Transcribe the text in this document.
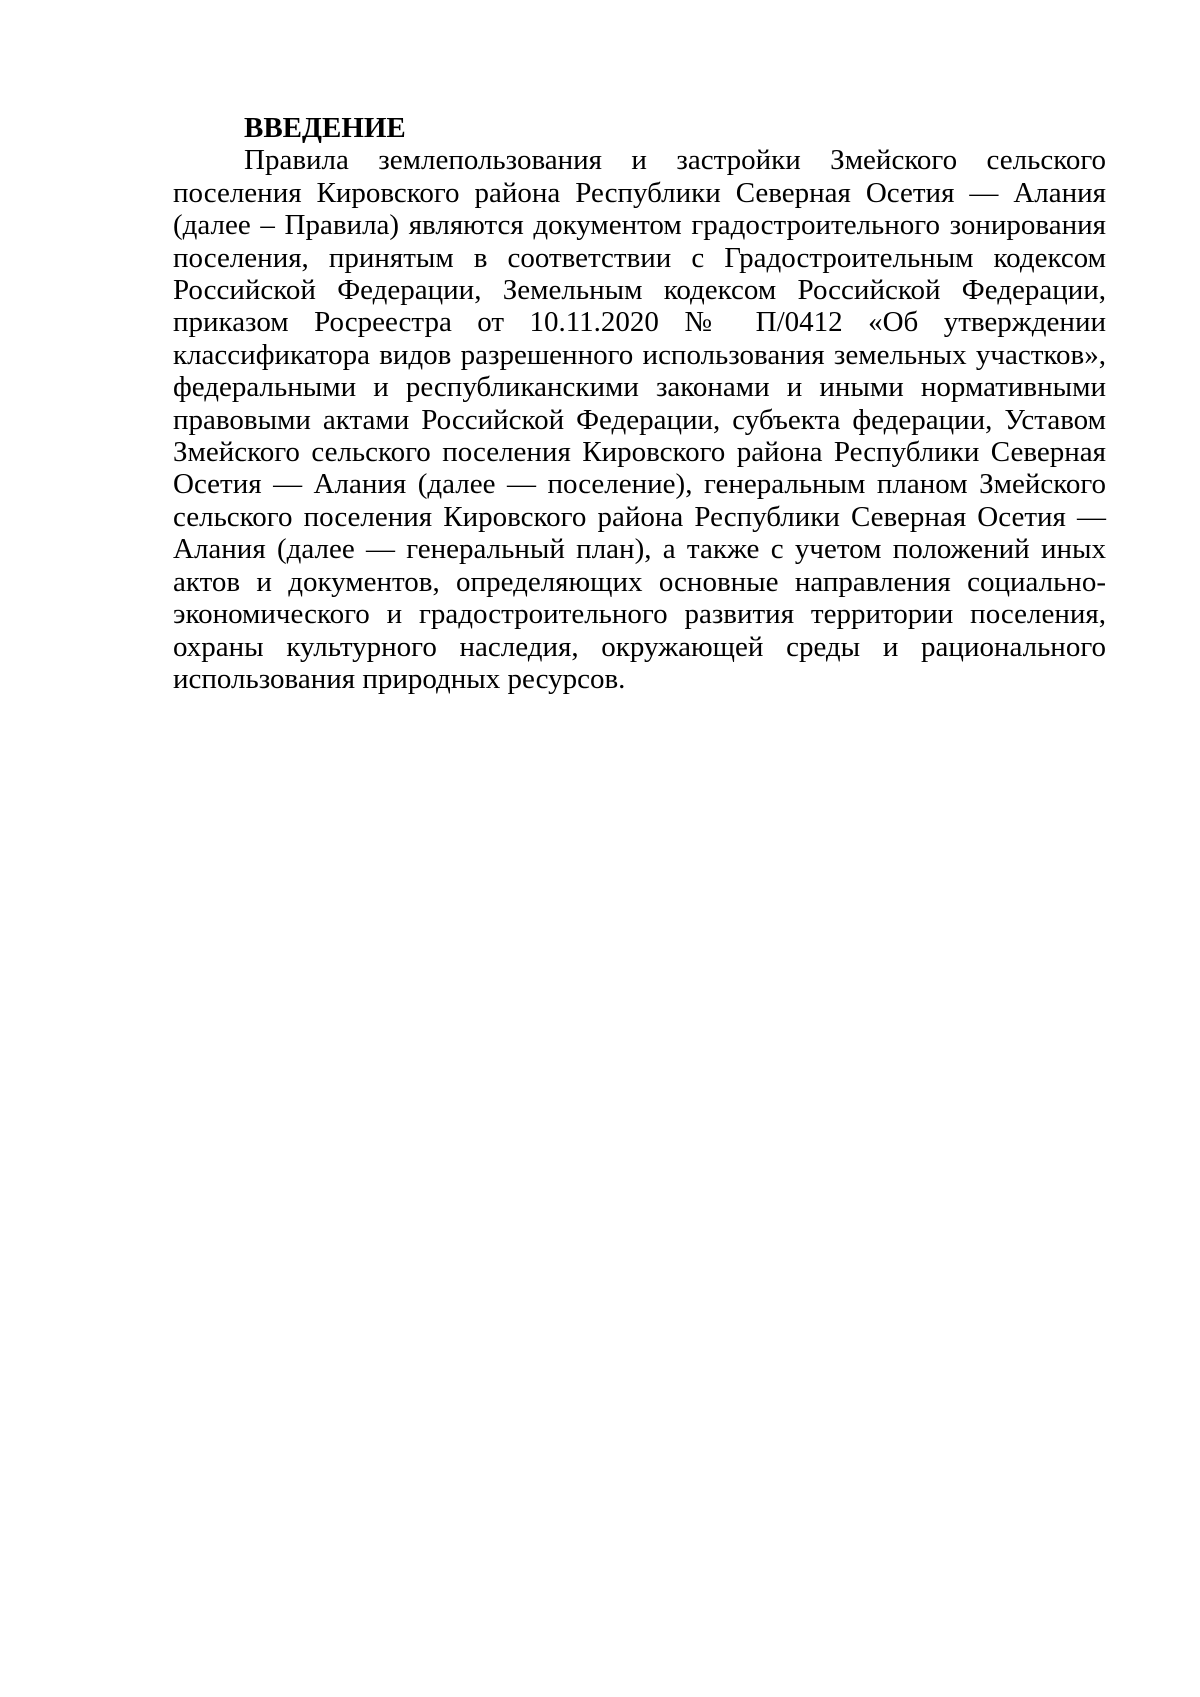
ВВЕДЕНИЕ

Правила землепользования и застройки Змейского сельского поселения Кировского района Республики Северная Осетия — Алания (далее – Правила) являются документом градостроительного зонирования поселения, принятым в соответствии с Градостроительным кодексом Российской Федерации, Земельным кодексом Российской Федерации, приказом Росреестра от 10.11.2020 № П/0412 «Об утверждении классификатора видов разрешенного использования земельных участков», федеральными и республиканскими законами и иными нормативными правовыми актами Российской Федерации, субъекта федерации, Уставом Змейского сельского поселения Кировского района Республики Северная Осетия — Алания (далее — поселение), генеральным планом Змейского сельского поселения Кировского района Республики Северная Осетия — Алания (далее — генеральный план), а также с учетом положений иных актов и документов, определяющих основные направления социально-экономического и градостроительного развития территории поселения, охраны культурного наследия, окружающей среды и рационального использования природных ресурсов.
